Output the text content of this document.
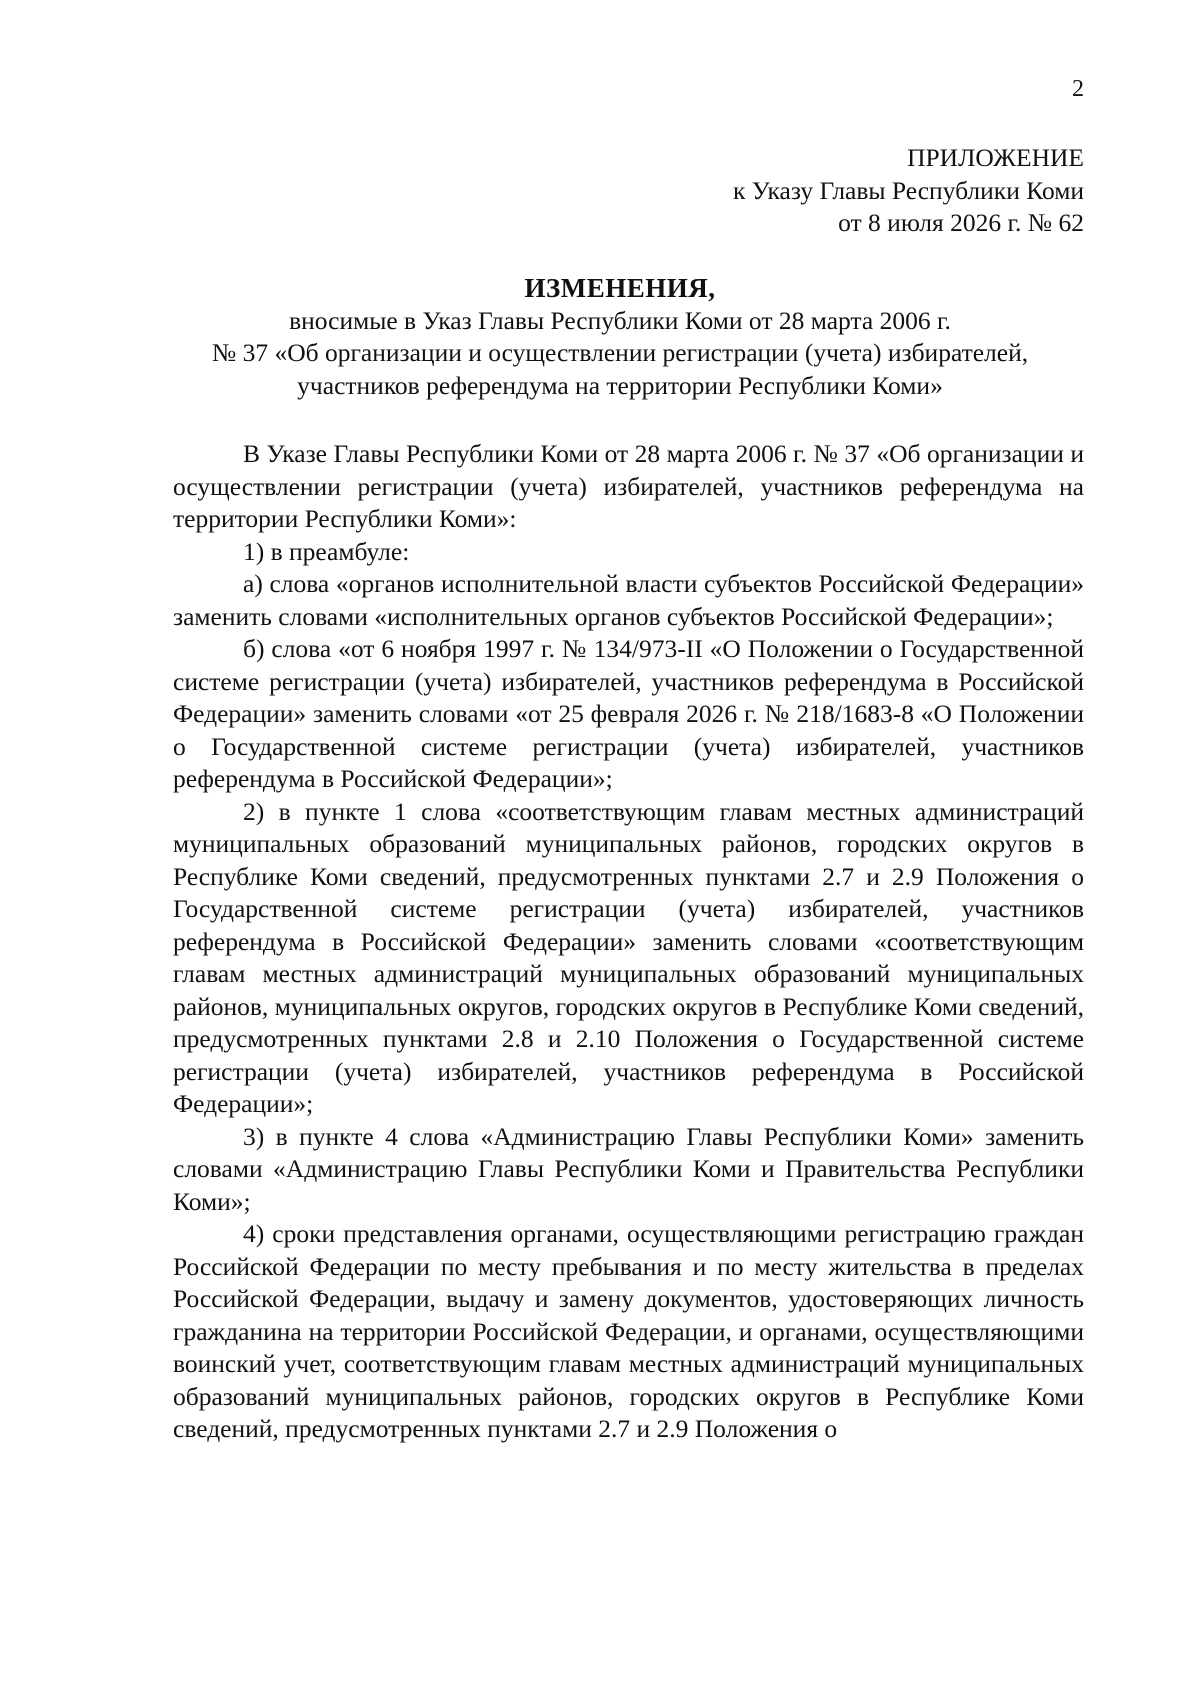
2
ПРИЛОЖЕНИЕ
к Указу Главы Республики Коми
от 8 июля 2026 г. № 62
ИЗМЕНЕНИЯ,
вносимые в Указ Главы Республики Коми от 28 марта 2006 г.
№ 37 «Об организации и осуществлении регистрации (учета) избирателей,
участников референдума на территории Республики Коми»

В Указе Главы Республики Коми от 28 марта 2006 г. № 37 «Об организации и осуществлении регистрации (учета) избирателей, участников референдума на территории Республики Коми»:

1) в преамбуле:

а) слова «органов исполнительной власти субъектов Российской Федерации» заменить словами «исполнительных органов субъектов Российской Федерации»;

б) слова «от 6 ноября 1997 г. № 134/973-II «О Положении о Государственной системе регистрации (учета) избирателей, участников референдума в Российской Федерации» заменить словами «от 25 февраля 2026 г. № 218/1683-8 «О Положении о Государственной системе регистрации (учета) избирателей, участников референдума в Российской Федерации»;

2) в пункте 1 слова «соответствующим главам местных администраций муниципальных образований муниципальных районов, городских округов в Республике Коми сведений, предусмотренных пунктами 2.7 и 2.9 Положения о Государственной системе регистрации (учета) избирателей, участников референдума в Российской Федерации» заменить словами «соответствующим главам местных администраций муниципальных образований муниципальных районов, муниципальных округов, городских округов в Республике Коми сведений, предусмотренных пунктами 2.8 и 2.10 Положения о Государственной системе регистрации (учета) избирателей, участников референдума в Российской Федерации»;

3) в пункте 4 слова «Администрацию Главы Республики Коми» заменить словами «Администрацию Главы Республики Коми и Правительства Республики Коми»;

4) сроки представления органами, осуществляющими регистрацию граждан Российской Федерации по месту пребывания и по месту жительства в пределах Российской Федерации, выдачу и замену документов, удостоверяющих личность гражданина на территории Российской Федерации, и органами, осуществляющими воинский учет, соответствующим главам местных администраций муниципальных образований муниципальных районов, городских округов в Республике Коми сведений, предусмотренных пунктами 2.7 и 2.9 Положения о
